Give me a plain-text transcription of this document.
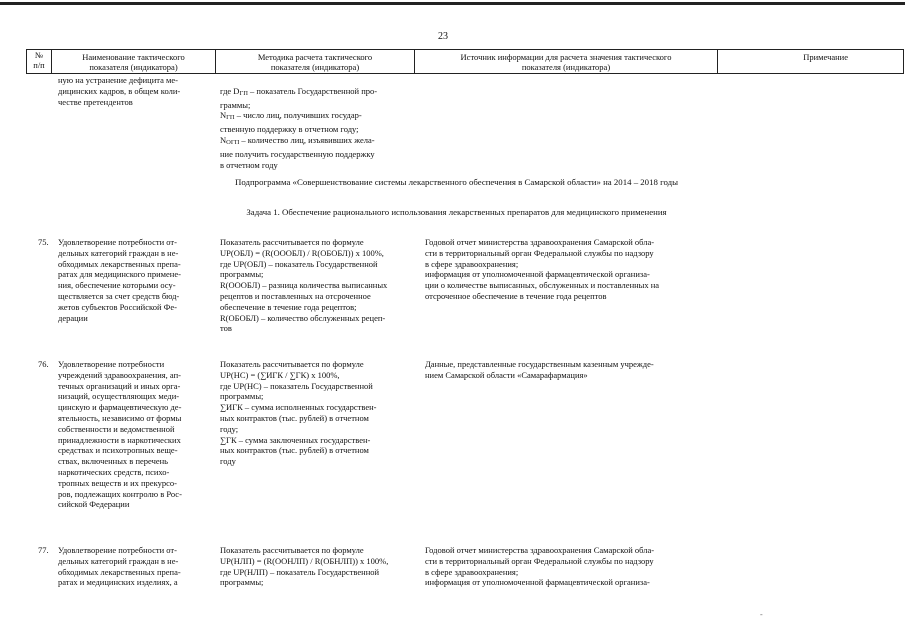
23
№
п/п
Наименование тактического
показателя (индикатора)
Методика расчета тактического
показателя (индикатора)
Источник информации для расчета значения тактического
показателя (индикатора)
Примечание
ную на устранение дефицита ме-
дицинских кадров, в общем коли-
честве претендентов

где DГП – показатель Государственной про-
граммы;
NГП – число лиц, получивших государ-
ственную поддержку в отчетном году;
NОГП – количество лиц, изъявивших жела-
ние получить государственную поддержку
в отчетном году

Подпрограмма «Совершенствование системы лекарственного обеспечения в Самарской области» на 2014 – 2018 годы
Задача 1. Обеспечение рационального использования лекарственных препаратов для медицинского применения
75. Удовлетворение потребности от-
дельных категорий граждан в не-
обходимых лекарственных препа-
ратах для медицинского примене-
ния, обеспечение которыми осу-
ществляется за счет средств бюд-
жетов субъектов Российской Фе-
дерации
Показатель рассчитывается по формуле
UP(ОБЛ) = (R(ОООБЛ) / R(ОБОБЛ)) x 100%,
где UP(ОБЛ) – показатель Государственной
программы;
R(ОООБЛ) – разница количества выписанных
рецептов и поставленных на отсроченное
обеспечение в течение года рецептов;
R(ОБОБЛ) – количество обслуженных рецеп-
тов
Годовой отчет министерства здравоохранения Самарской обла-
сти в территориальный орган Федеральной службы по надзору
в сфере здравоохранения;
информация от уполномоченной фармацевтической организа-
ции о количестве выписанных, обслуженных и поставленных на
отсроченное обеспечение в течение года рецептов
76. Удовлетворение потребности
учреждений здравоохранения, ап-
течных организаций и иных орга-
низаций, осуществляющих меди-
цинскую и фармацевтическую де-
ятельность, независимо от формы
собственности и ведомственной
принадлежности в наркотических
средствах и психотропных веще-
ствах, включенных в перечень
наркотических средств, психо-
тропных веществ и их прекурсо-
ров, подлежащих контролю в Рос-
сийской Федерации
Показатель рассчитывается по формуле
UP(НС) = (∑ИГК / ∑ГК) x 100%,
где UP(НС) – показатель Государственной
программы;
∑ИГК – сумма исполненных государствен-
ных контрактов (тыс. рублей) в отчетном
году;
∑ГК – сумма заключенных государствен-
ных контрактов (тыс. рублей) в отчетном
году
Данные, представленные государственным казенным учрежде-
нием Самарской области «Самарафармация»
77. Удовлетворение потребности от-
дельных категорий граждан в не-
обходимых лекарственных препа-
ратах и медицинских изделиях, а
Показатель рассчитывается по формуле
UP(НЛП) = (R(ООНЛП) / R(ОБНЛП)) x 100%,
где UP(НЛП) – показатель Государственной
программы;
Годовой отчет министерства здравоохранения Самарской обла-
сти в территориальный орган Федеральной службы по надзору
в сфере здравоохранения;
информация от уполномоченной фармацевтической организа-
-
